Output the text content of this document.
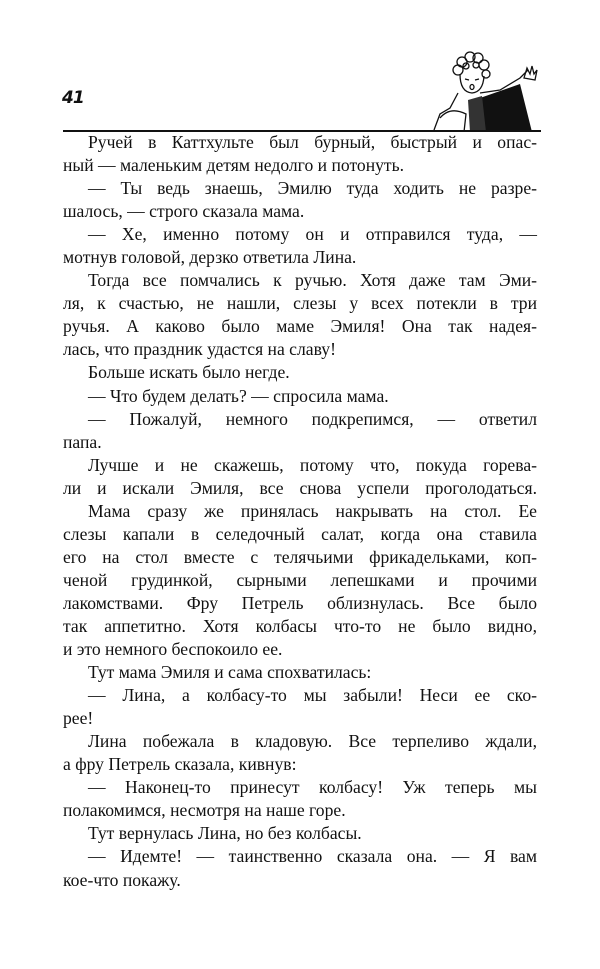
41
Ручей в Каттхульте был бурный, быстрый и опас-
ный — маленьким детям недолго и потонуть.
— Ты ведь знаешь, Эмилю туда ходить не разре-
шалось, — строго сказала мама.
— Хе, именно потому он и отправился туда, —
мотнув головой, дерзко ответила Лина.
Тогда все помчались к ручью. Хотя даже там Эми-
ля, к счастью, не нашли, слезы у всех потекли в три
ручья. А каково было маме Эмиля! Она так надея-
лась, что праздник удастся на славу!
Больше искать было негде.
— Что будем делать? — спросила мама.
— Пожалуй, немного подкрепимся, — ответил
папа.
Лучше и не скажешь, потому что, покуда горева-
ли и искали Эмиля, все снова успели проголодаться.
Мама сразу же принялась накрывать на стол. Ее
слезы капали в селедочный салат, когда она ставила
его на стол вместе с телячьими фрикадельками, коп-
ченой грудинкой, сырными лепешками и прочими
лакомствами. Фру Петрель облизнулась. Все было
так аппетитно. Хотя колбасы что-то не было видно,
и это немного беспокоило ее.
Тут мама Эмиля и сама спохватилась:
— Лина, а колбасу-то мы забыли! Неси ее ско-
рее!
Лина побежала в кладовую. Все терпеливо ждали,
а фру Петрель сказала, кивнув:
— Наконец-то принесут колбасу! Уж теперь мы
полакомимся, несмотря на наше горе.
Тут вернулась Лина, но без колбасы.
— Идемте! — таинственно сказала она. — Я вам
кое-что покажу.
